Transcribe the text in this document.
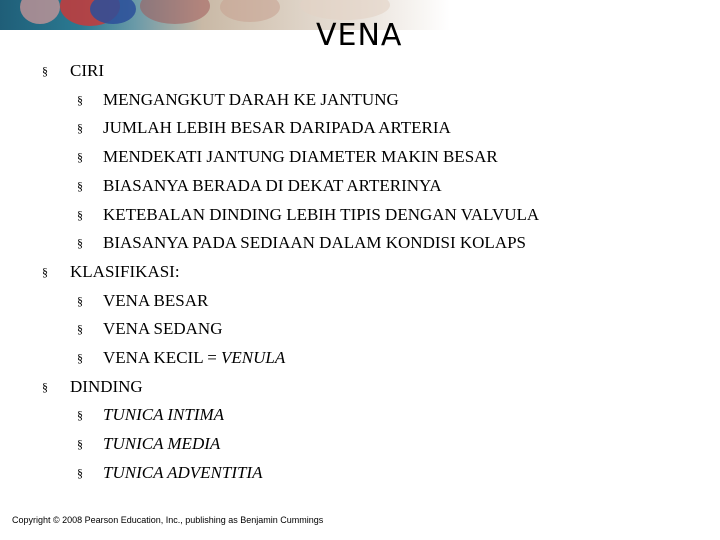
VENA
§ CIRI
§ MENGANGKUT DARAH KE JANTUNG
§ JUMLAH LEBIH BESAR DARIPADA ARTERIA
§ MENDEKATI JANTUNG DIAMETER MAKIN BESAR
§ BIASANYA BERADA DI DEKAT ARTERINYA
§ KETEBALAN DINDING LEBIH TIPIS DENGAN VALVULA
§ BIASANYA PADA SEDIAAN DALAM KONDISI KOLAPS
§ KLASIFIKASI:
§ VENA BESAR
§ VENA SEDANG
§ VENA KECIL = VENULA
§ DINDING
§ TUNICA INTIMA
§ TUNICA MEDIA
§ TUNICA ADVENTITIA
Copyright © 2008 Pearson Education, Inc., publishing as Benjamin Cummings
